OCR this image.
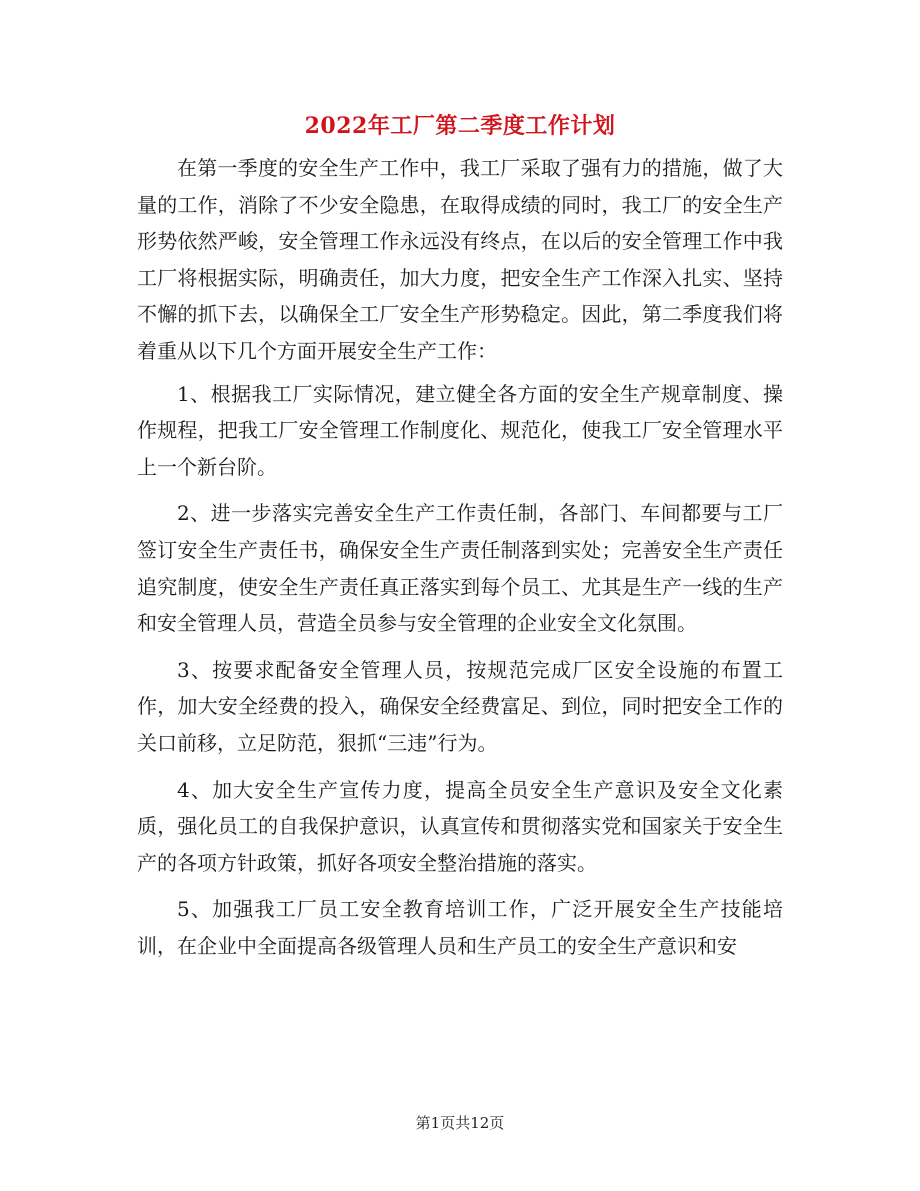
2022年工厂第二季度工作计划

在第一季度的安全生产工作中，我工厂采取了强有力的措施，做了大量的工作，消除了不少安全隐患，在取得成绩的同时，我工厂的安全生产形势依然严峻，安全管理工作永远没有终点，在以后的安全管理工作中我工厂将根据实际，明确责任，加大力度，把安全生产工作深入扎实、坚持不懈的抓下去，以确保全工厂安全生产形势稳定。因此，第二季度我们将着重从以下几个方面开展安全生产工作：

1、根据我工厂实际情况，建立健全各方面的安全生产规章制度、操作规程，把我工厂安全管理工作制度化、规范化，使我工厂安全管理水平上一个新台阶。

2、进一步落实完善安全生产工作责任制，各部门、车间都要与工厂签订安全生产责任书，确保安全生产责任制落到实处；完善安全生产责任追究制度，使安全生产责任真正落实到每个员工、尤其是生产一线的生产和安全管理人员，营造全员参与安全管理的企业安全文化氛围。

3、按要求配备安全管理人员，按规范完成厂区安全设施的布置工作，加大安全经费的投入，确保安全经费富足、到位，同时把安全工作的关口前移，立足防范，狠抓“三违”行为。

4、加大安全生产宣传力度，提高全员安全生产意识及安全文化素质，强化员工的自我保护意识，认真宣传和贯彻落实党和国家关于安全生产的各项方针政策，抓好各项安全整治措施的落实。

5、加强我工厂员工安全教育培训工作，广泛开展安全生产技能培训，在企业中全面提高各级管理人员和生产员工的安全生产意识和安

第1页共12页
